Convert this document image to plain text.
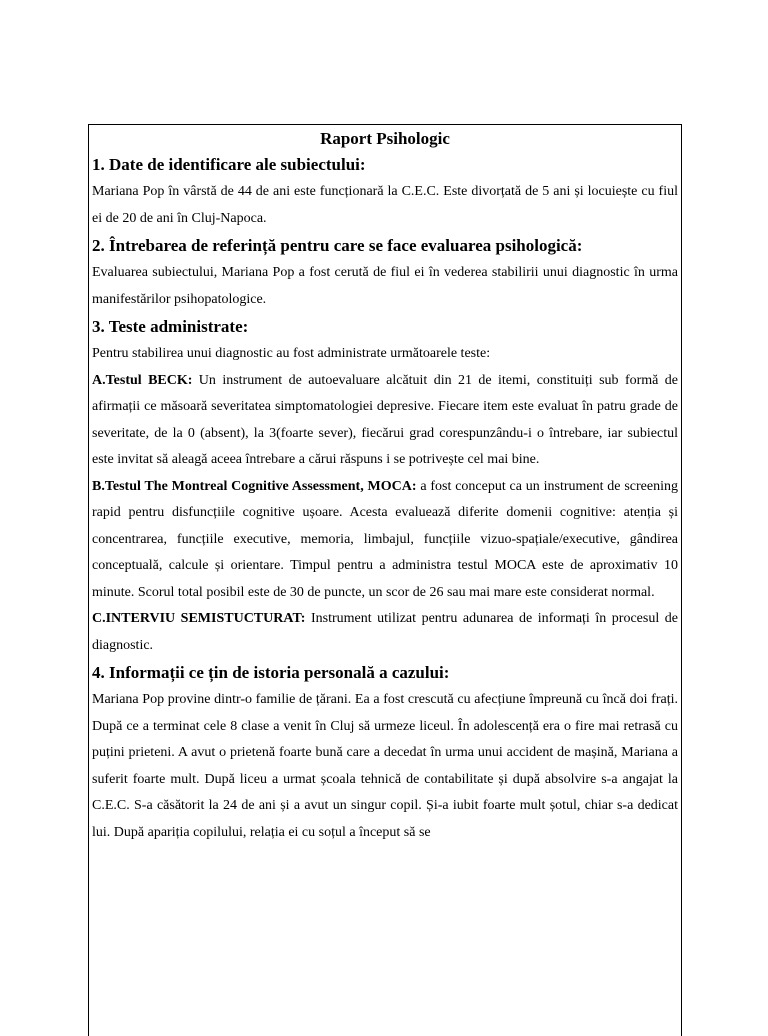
Raport Psihologic

1. Date de identificare ale subiectului:

Mariana Pop în vârstă de 44 de ani este funcționară la C.E.C. Este divorțată de 5 ani și locuiește cu fiul ei de 20 de ani în Cluj-Napoca.

2. Întrebarea de referință pentru care se face evaluarea psihologică:

Evaluarea subiectului, Mariana Pop a fost cerută de fiul ei în vederea stabilirii unui diagnostic în urma manifestărilor psihopatologice.

3. Teste administrate:

Pentru stabilirea unui diagnostic au fost administrate următoarele teste:

A.Testul BECK: Un instrument de autoevaluare alcătuit din 21 de itemi, constituiți sub formă de afirmații ce măsoară severitatea simptomatologiei depresive. Fiecare item este evaluat în patru grade de severitate, de la 0 (absent), la 3(foarte sever), fiecărui grad corespunzându-i o întrebare, iar subiectul este invitat să aleagă aceea întrebare a cărui răspuns i se potrivește cel mai bine.

B.Testul The Montreal Cognitive Assessment, MOCA: a fost conceput ca un instrument de screening rapid pentru disfuncțiile cognitive ușoare. Acesta evaluează diferite domenii cognitive: atenția și concentrarea, funcțiile executive, memoria, limbajul, funcțiile vizuo-spațiale/executive, gândirea conceptuală, calcule și orientare. Timpul pentru a administra testul MOCA este de aproximativ 10 minute. Scorul total posibil este de 30 de puncte, un scor de 26 sau mai mare este considerat normal.

C.INTERVIU SEMISTUCTURAT: Instrument utilizat pentru adunarea de informați în procesul de diagnostic.

4. Informații ce țin de istoria personală a cazului:

Mariana Pop provine dintr-o familie de țărani. Ea a fost crescută cu afecțiune împreună cu încă doi frați. După ce a terminat cele 8 clase a venit în Cluj să urmeze liceul. În adolescență era o fire mai retrasă cu puțini prieteni. A avut o prietenă foarte bună care a decedat în urma unui accident de mașină, Mariana a suferit foarte mult. După liceu a urmat școala tehnică de contabilitate și după absolvire s-a angajat la C.E.C. S-a căsătorit la 24 de ani și a avut un singur copil. Și-a iubit foarte mult șotul, chiar s-a dedicat lui. După apariția copilului, relația ei cu soțul a început să se
